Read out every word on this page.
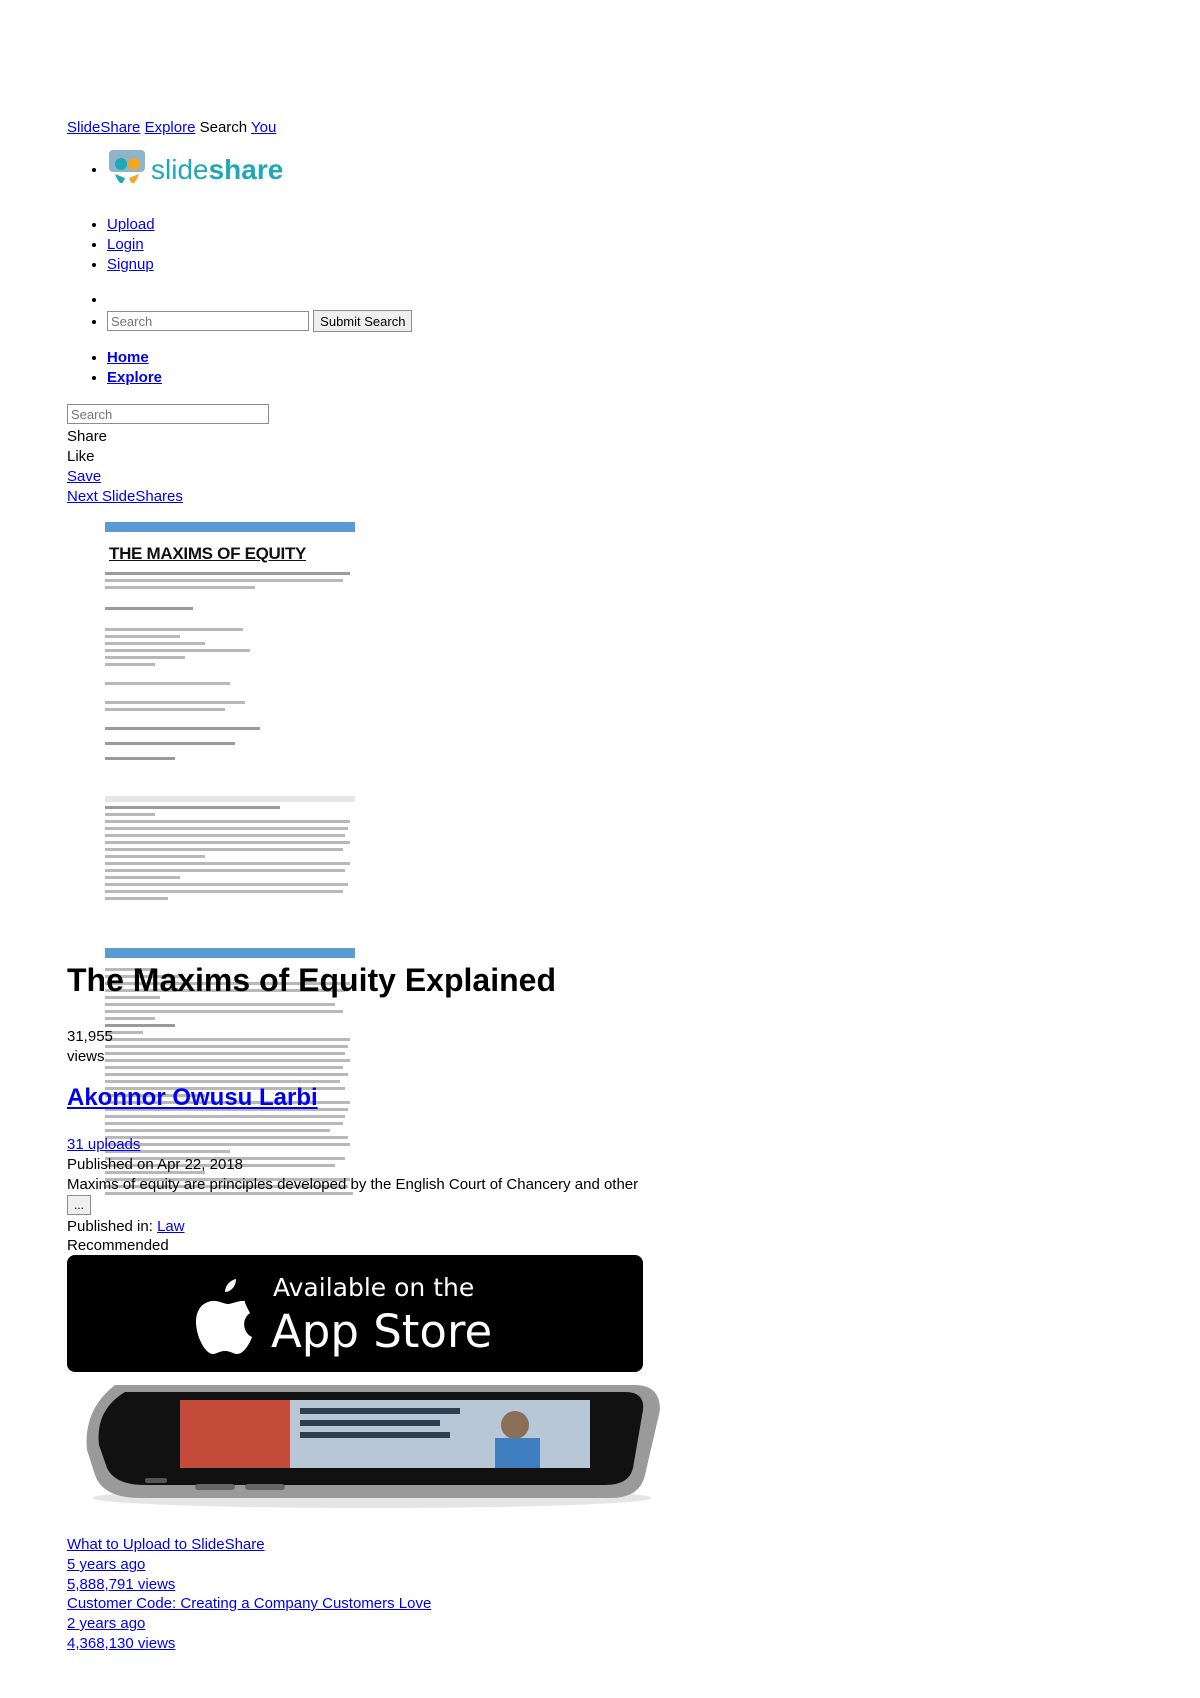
SlideShare Explore Search You
• slideshare
• Upload
• Login
• Signup
•
Search • Submit Search
• Home
• Explore
Search
Share
Like
Save
Next SlideShares
THE MAXIMS OF EQUITY
The Maxims of Equity Explained
31,955
views
Akonnor Owusu Larbi
31 uploads
Published on Apr 22, 2018
Maxims of equity are principles developed by the English Court of Chancery and other
...
Published in: Law
Recommended
Available on the
App Store
What to Upload to SlideShare
5 years ago
5,888,791 views
Customer Code: Creating a Company Customers Love
2 years ago
4,368,130 views
